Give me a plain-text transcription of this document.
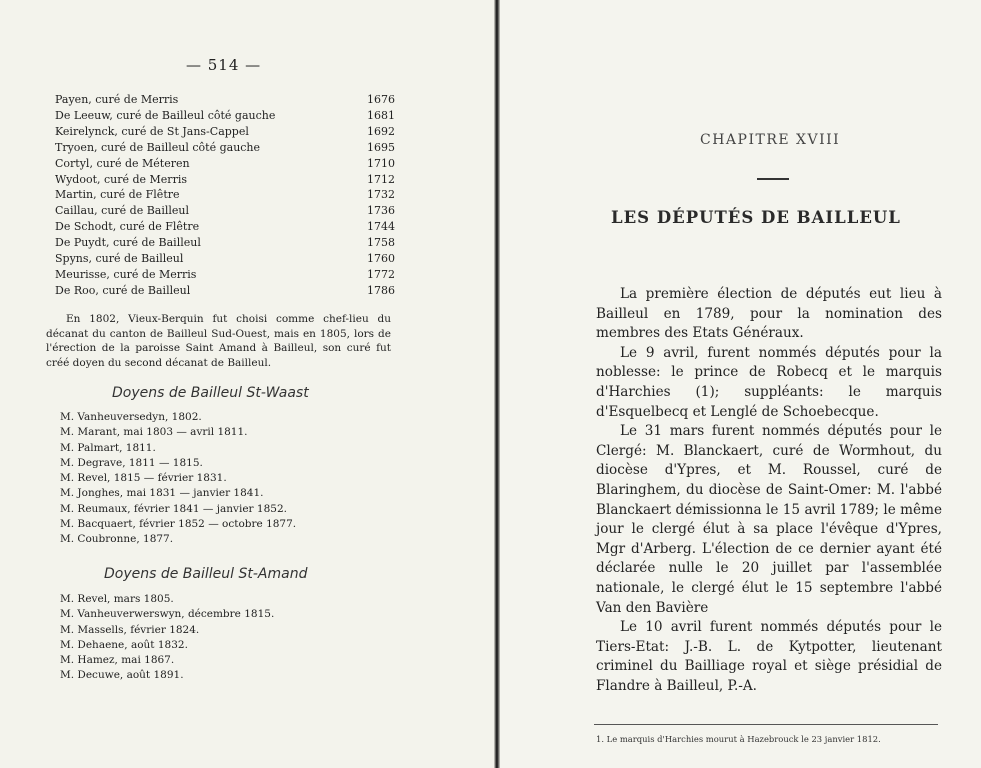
— 514 —
Payen, curé de Merris	1676
De Leeuw, curé de Bailleul côté gauche	1681
Keirelynck, curé de St Jans-Cappel	1692
Tryoen, curé de Bailleul côté gauche	1695
Cortyl, curé de Méteren	1710
Wydoot, curé de Merris	1712
Martin, curé de Flêtre	1732
Caillau, curé de Bailleul	1736
De Schodt, curé de Flêtre	1744
De Puydt, curé de Bailleul	1758
Spyns, curé de Bailleul	1760
Meurisse, curé de Merris	1772
De Roo, curé de Bailleul	1786
En 1802, Vieux-Berquin fut choisi comme chef-lieu du décanat du canton de Bailleul Sud-Ouest, mais en 1805, lors de l'érection de la paroisse Saint Amand à Bailleul, son curé fut créé doyen du second décanat de Bailleul.
Doyens de Bailleul St-Waast
M. Vanheuversedyn, 1802.
M. Marant, mai 1803 — avril 1811.
M. Palmart, 1811.
M. Degrave, 1811 — 1815.
M. Revel, 1815 — février 1831.
M. Jonghes, mai 1831 — janvier 1841.
M. Reumaux, février 1841 — janvier 1852.
M. Bacquaert, février 1852 — octobre 1877.
M. Coubronne, 1877.
Doyens de Bailleul St-Amand
M. Revel, mars 1805.
M. Vanheuverwerswyn, décembre 1815.
M. Massells, février 1824.
M. Dehaene, août 1832.
M. Hamez, mai 1867.
M. Decuwe, août 1891.
CHAPITRE XVIII
LES DÉPUTÉS DE BAILLEUL

La première élection de députés eut lieu à Bailleul en 1789, pour la nomination des membres des Etats Généraux.

Le 9 avril, furent nommés députés pour la noblesse: le prince de Robecq et le marquis d'Harchies (1); suppléants: le marquis d'Esquelbecq et Lenglé de Schoebecque.

Le 31 mars furent nommés députés pour le Clergé: M. Blanckaert, curé de Wormhout, du diocèse d'Ypres, et M. Roussel, curé de Blaringhem, du diocèse de Saint-Omer: M. l'abbé Blanckaert démissionna le 15 avril 1789; le même jour le clergé élut à sa place l'évêque d'Ypres, Mgr d'Arberg. L'élection de ce dernier ayant été déclarée nulle le 20 juillet par l'assemblée nationale, le clergé élut le 15 septembre l'abbé Van den Bavière

Le 10 avril furent nommés députés pour le Tiers-Etat: J.-B. L. de Kytpotter, lieutenant criminel du Bailliage royal et siège présidial de Flandre à Bailleul, P.-A.

1. Le marquis d'Harchies mourut à Hazebrouck le 23 janvier 1812.
